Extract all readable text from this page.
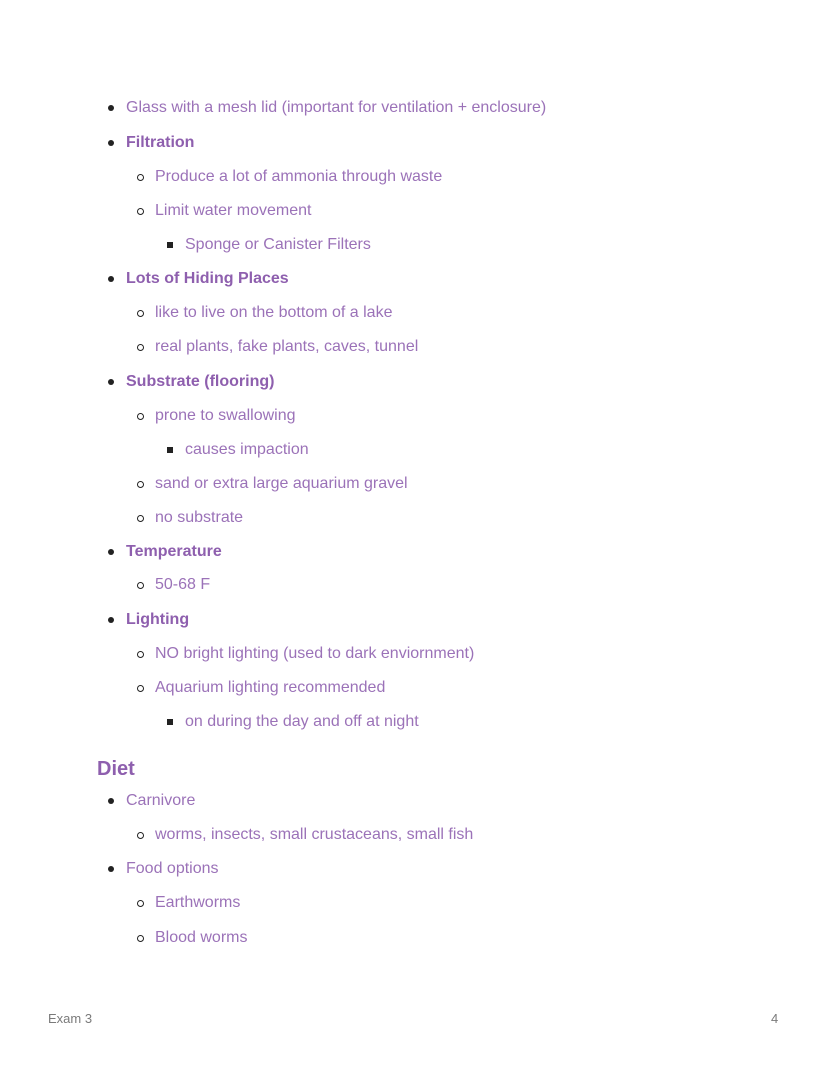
Glass with a mesh lid (important for ventilation + enclosure)
Filtration
Produce a lot of ammonia through waste
Limit water movement
Sponge or Canister Filters
Lots of Hiding Places
like to live on the bottom of a lake
real plants, fake plants, caves, tunnel
Substrate (flooring)
prone to swallowing
causes impaction
sand or extra large aquarium gravel
no substrate
Temperature
50-68 F
Lighting
NO bright lighting (used to dark enviornment)
Aquarium lighting recommended
on during the day and off at night
Diet
Carnivore
worms, insects, small crustaceans, small fish
Food options
Earthworms
Blood worms
Exam 3	4
